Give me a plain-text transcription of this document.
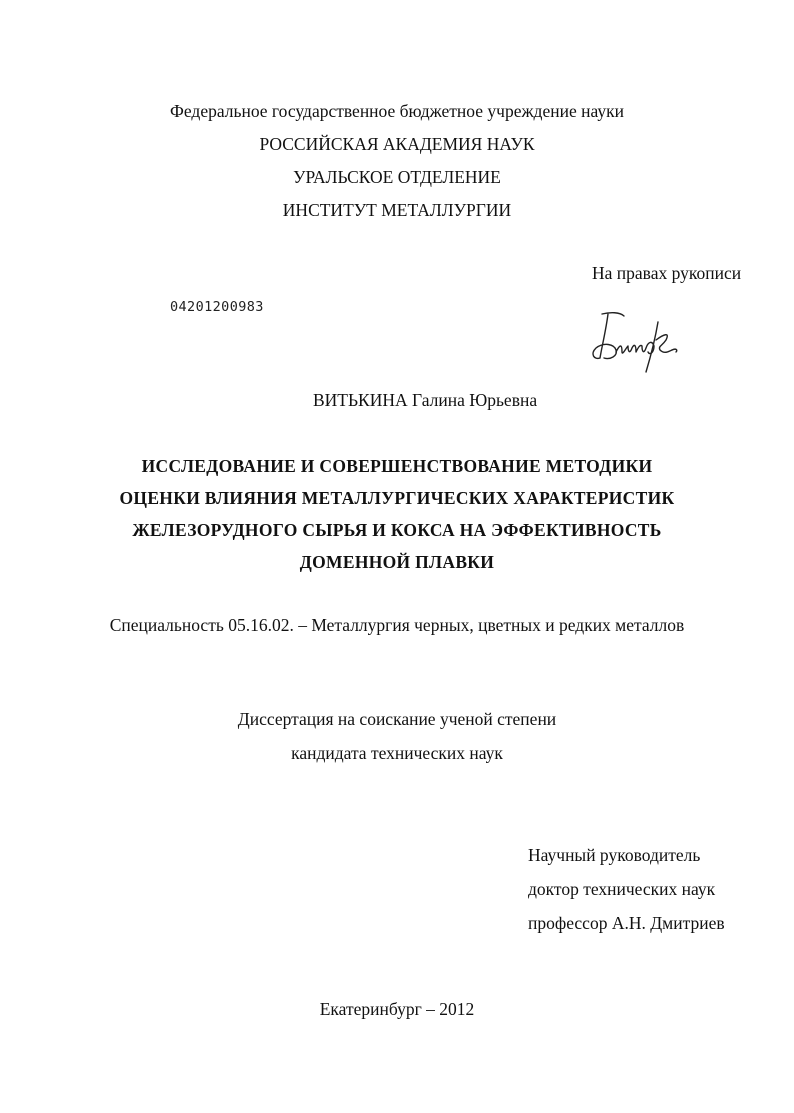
Федеральное государственное бюджетное учреждение науки
РОССИЙСКАЯ АКАДЕМИЯ НАУК
УРАЛЬСКОЕ ОТДЕЛЕНИЕ
ИНСТИТУТ МЕТАЛЛУРГИИ
На правах рукописи
04201200983
ВИТЬКИНА Галина Юрьевна
ИССЛЕДОВАНИЕ И СОВЕРШЕНСТВОВАНИЕ МЕТОДИКИ
ОЦЕНКИ ВЛИЯНИЯ МЕТАЛЛУРГИЧЕСКИХ ХАРАКТЕРИСТИК
ЖЕЛЕЗОРУДНОГО СЫРЬЯ И КОКСА НА ЭФФЕКТИВНОСТЬ
ДОМЕННОЙ ПЛАВКИ
Специальность 05.16.02. – Металлургия черных, цветных и редких металлов
Диссертация на соискание ученой степени
кандидата технических наук
Научный руководитель
доктор технических наук
профессор А.Н. Дмитриев
Екатеринбург – 2012
